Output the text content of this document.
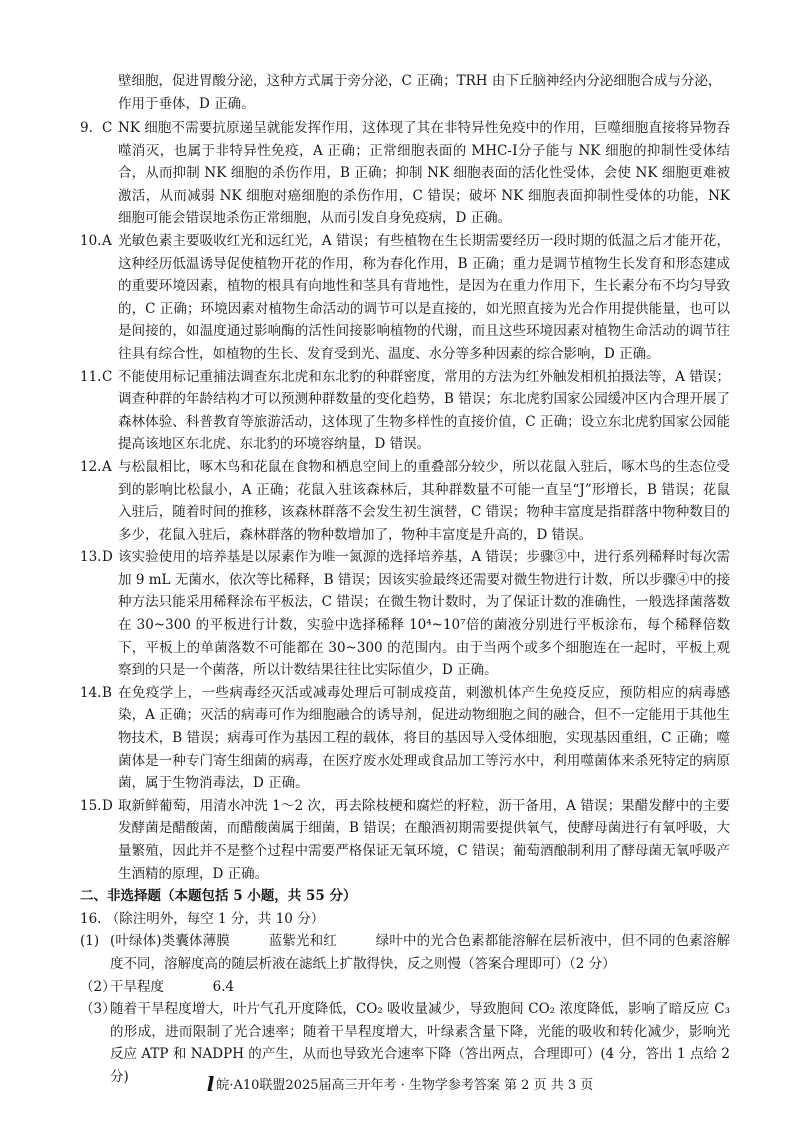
壁细胞，促进胃酸分泌，这种方式属于旁分泌，C 正确；TRH 由下丘脑神经内分泌细胞合成与分泌，
作用于垂体，D 正确。
9. C NK 细胞不需要抗原递呈就能发挥作用，这体现了其在非特异性免疫中的作用，巨噬细胞直接将异物吞噬消灭，也属于非特异性免疫，A 正确；正常细胞表面的 MHC-Ⅰ分子能与 NK 细胞的抑制性受体结合，从而抑制 NK 细胞的杀伤作用，B 正确；抑制 NK 细胞表面的活化性受体，会使 NK 细胞更难被激活，从而减弱 NK 细胞对癌细胞的杀伤作用，C 错误；破坏 NK 细胞表面抑制性受体的功能，NK 细胞可能会错误地杀伤正常细胞，从而引发自身免疫病，D 正确。
10. A 光敏色素主要吸收红光和远红光，A 错误；有些植物在生长期需要经历一段时期的低温之后才能开花，这种经历低温诱导促使植物开花的作用，称为春化作用，B 正确；重力是调节植物生长发育和形态建成的重要环境因素，植物的根具有向地性和茎具有背地性，是因为在重力作用下，生长素分布不均匀导致的，C 正确；环境因素对植物生命活动的调节可以是直接的，如光照直接为光合作用提供能量，也可以是间接的，如温度通过影响酶的活性间接影响植物的代谢，而且这些环境因素对植物生命活动的调节往往具有综合性，如植物的生长、发育受到光、温度、水分等多种因素的综合影响，D 正确。
11. C 不能使用标记重捕法调查东北虎和东北豹的种群密度，常用的方法为红外触发相机拍摄法等，A 错误；调查种群的年龄结构才可以预测种群数量的变化趋势，B 错误；东北虎豹国家公园缓冲区内合理开展了森林体验、科普教育等旅游活动，这体现了生物多样性的直接价值，C 正确；设立东北虎豹国家公园能提高该地区东北虎、东北豹的环境容纳量，D 错误。
12. A 与松鼠相比，啄木鸟和花鼠在食物和栖息空间上的重叠部分较少，所以花鼠入驻后，啄木鸟的生态位受到的影响比松鼠小，A 正确；花鼠入驻该森林后，其种群数量不可能一直呈“J”形增长，B 错误；花鼠入驻后，随着时间的推移，该森林群落不会发生初生演替，C 错误；物种丰富度是指群落中物种数目的多少，花鼠入驻后，森林群落的物种数增加了，物种丰富度是升高的，D 错误。
13. D 该实验使用的培养基是以尿素作为唯一氮源的选择培养基，A 错误；步骤③中，进行系列稀释时每次需加 9 mL 无菌水，依次等比稀释，B 错误；因该实验最终还需要对微生物进行计数，所以步骤④中的接种方法只能采用稀释涂布平板法，C 错误；在微生物计数时，为了保证计数的准确性，一般选择菌落数在 30~300 的平板进行计数，实验中选择稀释 10⁴~10⁷倍的菌液分别进行平板涂布，每个稀释倍数下，平板上的单菌落数不可能都在 30~300 的范围内。由于当两个或多个细胞连在一起时，平板上观察到的只是一个菌落，所以计数结果往往比实际值少，D 正确。
14. B 在免疫学上，一些病毒经灭活或减毒处理后可制成疫苗，刺激机体产生免疫反应，预防相应的病毒感染，A 正确；灭活的病毒可作为细胞融合的诱导剂，促进动物细胞之间的融合，但不一定能用于其他生物技术，B 错误；病毒可作为基因工程的载体，将目的基因导入受体细胞，实现基因重组，C 正确；噬菌体是一种专门寄生细菌的病毒，在医疗废水处理或食品加工等污水中，利用噬菌体来杀死特定的病原菌，属于生物消毒法，D 正确。
15. D 取新鲜葡萄，用清水冲洗 1～2 次，再去除枝梗和腐烂的籽粒，沥干备用，A 错误；果醋发酵中的主要发酵菌是醋酸菌，而醋酸菌属于细菌，B 错误；在酿酒初期需要提供氧气，使酵母菌进行有氧呼吸，大量繁殖，因此并不是整个过程中需要严格保证无氧环境，C 错误；葡萄酒酿制利用了酵母菌无氧呼吸产生酒精的原理，D 正确。
二、非选择题（本题包括 5 小题，共 55 分）
16. （除注明外，每空 1 分，共 10 分）
(1) (叶绿体)类囊体薄膜	蓝紫光和红	绿叶中的光合色素都能溶解在层析液中，但不同的色素溶解度不同，溶解度高的随层析液在滤纸上扩散得快，反之则慢（答案合理即可）（2 分）
（2）
干旱程度	6.4
（3）
随着干旱程度增大，叶片气孔开度降低，CO₂ 吸收量减少，导致胞间 CO₂ 浓度降低，影响了暗反应 C₃ 的形成，进而限制了光合速率；随着干旱程度增大，叶绿素含量下降，光能的吸收和转化减少，影响光反应 ATP 和 NADPH 的产生，从而也导致光合速率下降（答出两点，合理即可）(4 分，答出 1 点给 2 分)	l皖·A10联盟2025届高三开年考 · 生物学参考答案 第 2 页 共 3 页
